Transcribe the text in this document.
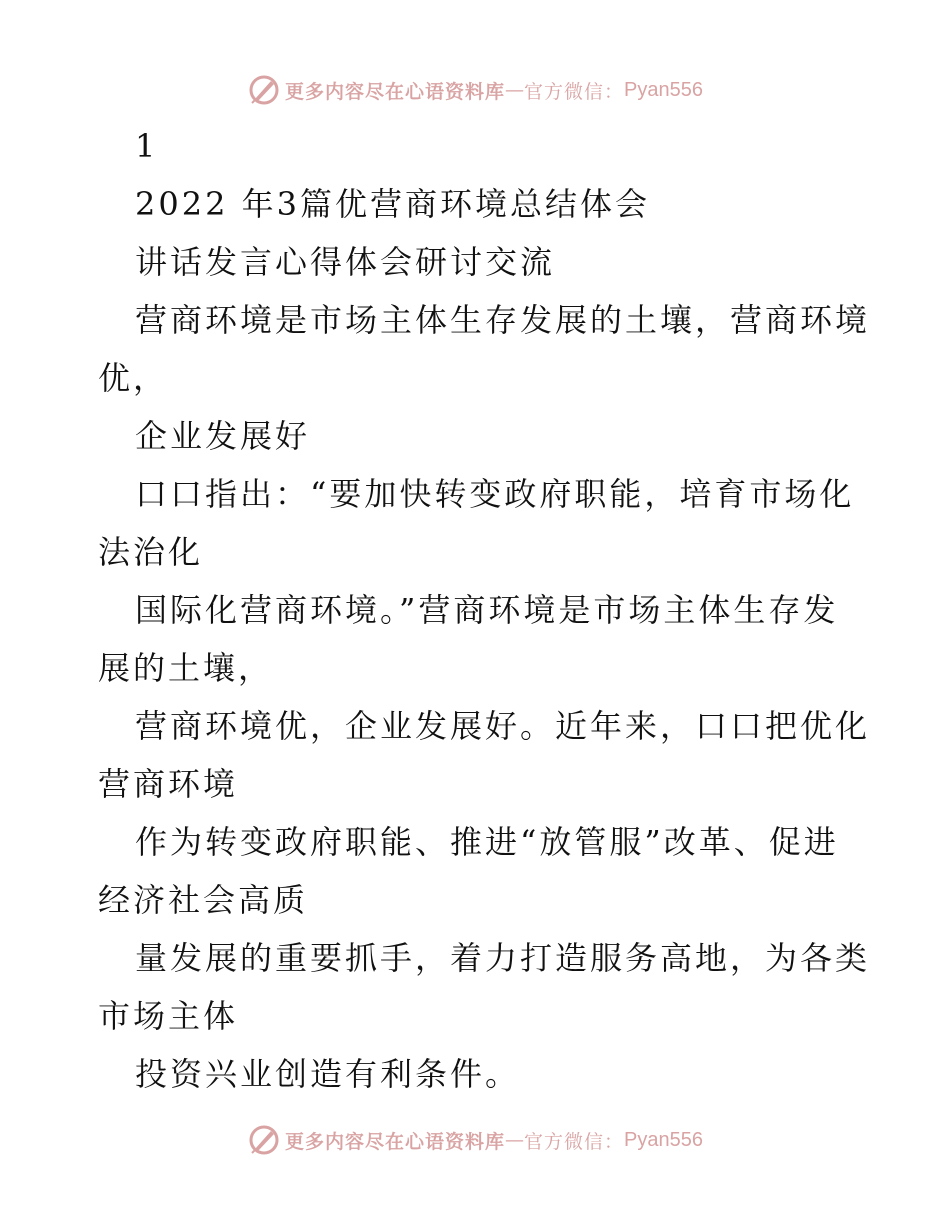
更多内容尽在心语资料库 — 官方微信： Pyan556
1
2022 年3篇优营商环境总结体会
讲话发言心得体会研讨交流
营商环境是市场主体生存发展的土壤，营商环境
优，
企业发展好
口口指出：“要加快转变政府职能，培育市场化
法治化
国际化营商环境。”营商环境是市场主体生存发
展的土壤，
营商环境优，企业发展好。近年来，口口把优化
营商环境
作为转变政府职能、推进“放管服”改革、促进
经济社会高质
量发展的重要抓手，着力打造服务高地，为各类
市场主体
投资兴业创造有利条件。
更多内容尽在心语资料库 — 官方微信： Pyan556
